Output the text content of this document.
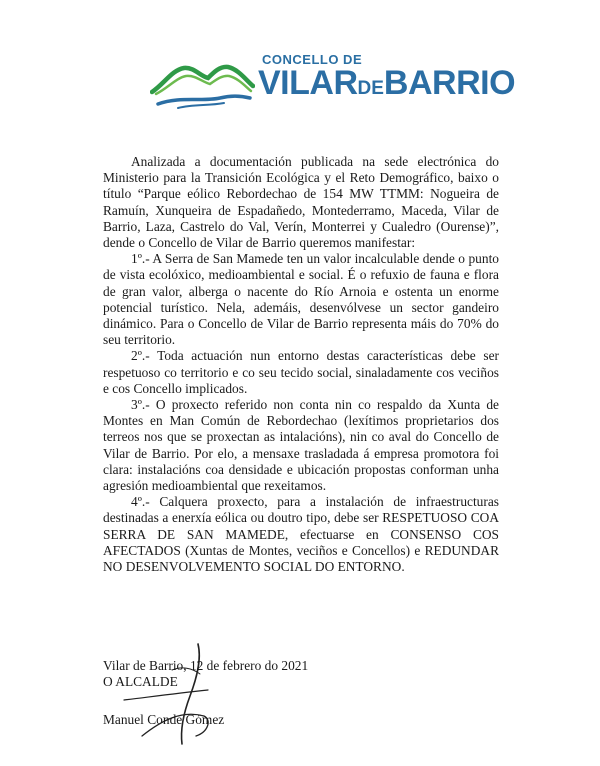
CONCELLO DE
VILARDEBARRIO

Analizada a documentación publicada na sede electrónica do Ministerio para la Transición Ecológica y el Reto Demográfico, baixo o título “Parque eólico Rebordechao de 154 MW TTMM: Nogueira de Ramuín, Xunqueira de Espadañedo, Montederramo, Maceda, Vilar de Barrio, Laza, Castrelo do Val, Verín, Monterrei y Cualedro (Ourense)”, dende o Concello de Vilar de Barrio queremos manifestar:

1º.- A Serra de San Mamede ten un valor incalculable dende o punto de vista ecolóxico, medioambiental e social. É o refuxio de fauna e flora de gran valor, alberga o nacente do Río Arnoia e ostenta un enorme potencial turístico. Nela, ademáis, desenvólvese un sector gandeiro dinámico. Para o Concello de Vilar de Barrio representa máis do 70% do seu territorio.

2º.- Toda actuación nun entorno destas características debe ser respetuoso co territorio e co seu tecido social, sinaladamente cos veciños e cos Concello implicados.

3º.- O proxecto referido non conta nin co respaldo da Xunta de Montes en Man Común de Rebordechao (lexítimos proprietarios dos terreos nos que se proxectan as intalacións), nin co aval do Concello de Vilar de Barrio. Por elo, a mensaxe trasladada á empresa promotora foi clara: instalacións coa densidade e ubicación propostas conforman unha agresión medioambiental que rexeitamos.

4º.- Calquera proxecto, para a instalación de infraestructuras destinadas a enerxía eólica ou doutro tipo, debe ser RESPETUOSO COA SERRA DE SAN MAMEDE, efectuarse en CONSENSO COS AFECTADOS (Xuntas de Montes, veciños e Concellos) e REDUNDAR NO DESENVOLVEMENTO SOCIAL DO ENTORNO.

Vilar de Barrio, 12 de febrero do 2021
O ALCALDE
Manuel Conde Gómez
